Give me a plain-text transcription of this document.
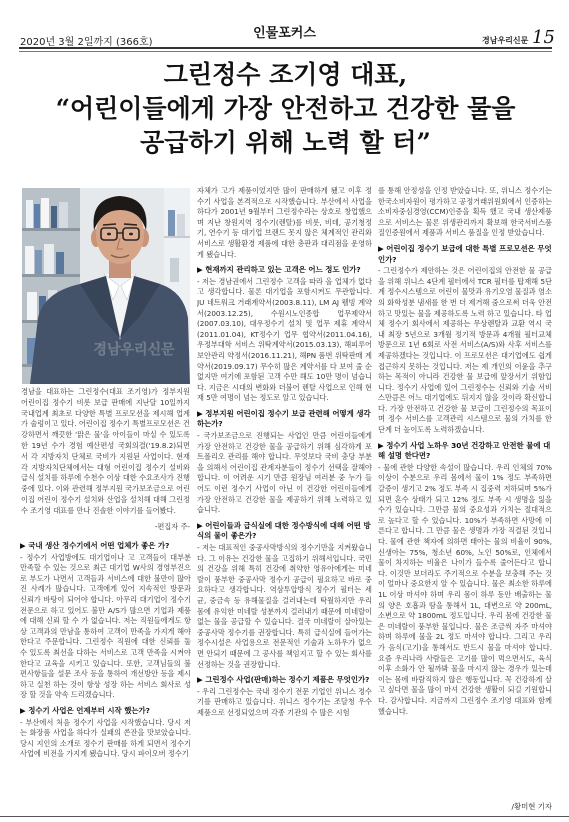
2020년 3월 2일까지 (366호)
인물포커스	경남우리신문 15
그린정수 조기영 대표,
“어린이들에게 가장 안전하고 건강한 물을
공급하기 위해 노력 할 터”
경남우리신문
경남을 대표하는 그린정수(대표 조기영)가 정부지원 어린이집 정수기 비롯 보급 판매에 지난달 10일까지 국내업계 최초로 다양한 특별 프로모션을 제시해 업계가 술렁이고 있다. 어린이집 정수기 특별프로모션은 건강하면서 깨끗한 '맑은 물'을 아이들이 마실 수 있도록 한 19년 수가 경험 예산편성 국회의결('19.8.2)되면서 각 지방자치 단체로 국비가 지원된 사업이다. 현재 각 지방자치단체에서는 대형 어린이집 정수기 설비와 급식 설치를 하루에 수천수 이상 대한 수요조사가 진행중에 있다. 이와 관련해 정부지원 국가보조금으로 어린이집 어린이 정수기 설치와 산업을 설치해 대해 그린정수 조기영 대표를 만나 진솔한 이야기를 들어봤다.
-편집자 주-

▶ 국내 생산 정수기에서 어떤 업체가 좋은 가?

- 정수기 사업방에도 대기업이나 고 고객들이 대부분 만족할 수 있는 것으로 최근 대기업 W사의 경영부진으로 부도가 나면서 고객들과 서비스에 대한 불만이 많아진 사례가 많습니다. 고객에게 있어 지속적인 방문과 신뢰가 바탕이 되어야 합니다. 아무리 대기업이 정수기 전문으로 하고 있어도 불만 A/S가 많으면 기업과 제품에 대해 신뢰 할 수 가 없습니다. 저는 직원들에게도 항상 고객과의 만남을 통하여 고객이 만족을 가지게 해야한다고 주문합니다. 그린정수 직원에 대한 신뢰를 둘 수 있도록 최선을 다하는 서비스로 고객 만족을 시켜야 한다고 교육을 시키고 있습니다. 또한, 고객님들의 불편사항들을 설문 조사 등을 통하여 개선방안 등을 제시하고 실천 하는 것이 항상 성장 하는 서비스 회사로 성장 할 것을 약속 드리겠습니다.

▶ 정수기 사업은 언제부터 시작 했는가?

- 부산에서 처음 정수기 사업을 시작했습니다. 당시 저는 화장품 사업을 하다가 실패의 쓴잔을 맛보았습니다. 당시 지인의 소개로 정수기 판매를 하게 되면서 정수기 사업에 비전을 가지게 됐습니다. 당시 파이오버 정수기

자체가 고가 제품이었지만 많이 판매하게 됐고 이후 정수기 사업을 본격적으로 시작했습니다. 부산에서 사업을 하다가 2001년 9월부터 그린정수라는 상호로 창업했으며 지난 창원지역 정수기(렌탈)를 비롯, 비데, 공기청정기, 연수기 등 대기업 브랜드 못지 않은 체계적인 관리와 서비스로 생활환경 제품에 대한 총판과 대리점을 운영하게 됐습니다.

▶ 현재까지 관리하고 있는 고객은 어느 정도 인가?

- 저는 경남권에서 그린정수 고객을 따라 올 업체가 없다고 생각합니다. 물론 대기업을 포함시켜도 무관합니다. JU 네트워크 거래계약서(2003.8.11), LM AJ 웰빙 계약서(2003.12.25), 수원시노인종합 업무제약서(2007.03.10), 대우정수기 설치 및 업무 제휴 계약서(2011.01.04), KT정수기 업무 협약서(2011.04.16), 우정부대학 서비스 위탁계약서(2015.03.13), 해피루어 보안관리 약정서(2016.11.21), 해PN 품번 위탁판매 계약서(2019.09.17) 무수히 많은 계약서를 다 보여 줄 순 없지만 여기에 포함된 고객 수만 해도 10만 명이 넘습니다. 지금은 시대의 변화와 더불어 렌탈 사업으로 인해 현재 5만 여명이 넘는 정도로 알고 있습니다.

▶ 정부지원 어린이집 정수기 보급 관련해 어떻게 생각하는가?

- 국가보조금으로 진행되는 사업인 만큼 어린이들에게 가장 안전하고 건강한 물을 공급하기 위해 심각하게 포트폴리오 관리를 해야 합니다. 무엇보다 국비 충당 부분을 의해서 어린이집 관계자분들이 정수기 선택을 잘해야 합니다. 이 어려운 시기 만큼 원장님 여러분 중 누가 들어도 이런 정수기 사업이 아닌 이 건강한 어린이들에게 가장 안전하고 건강한 물을 제공하기 위해 노력하고 있습니다.

▶ 어린이들과 급식실에 대한 정수방식에 대해 어떤 방식의 물이 좋은가?

- 저는 대표적인 중공사막방식의 정수기만을 지켜왔습니다. 그 이유는 건강한 물을 고집하기 위해서입니다. 국민의 건강을 위해 특히 건강에 취약한 영유아에게는 미네랄이 풍부한 중공사막 정수기 공급이 필요하고 바로 중요하다고 생각합니다. 역삼투압방식 정수기 필터는 세균, 중금속 등 유해물질을 걸러내는데 탁월하지만 우리 몸에 유익한 미네랄 성분까지 걸러내기 때문에 미네랄이 없는 물을 공급할 수 있습니다. 결국 미네랄이 살아있는 중공사막 정수기를 권장합니다. 특히 급식실에 들어가는 정수시설은 사업용으로 전문적인 기술과 노하우가 없으면 안되기 때문에 그 공사를 책임지고 할 수 있는 회사를 선정하는 것을 권장합니다.

▶ 그린정수 사업(판매)하는 정수기 제품은 무엇인가?

- 우리 그린정수는 국내 정수기 전문 기업인 위니스 정수기를 판매하고 있습니다. 위니스 정수기는 조달청 우수제품으로 선정되었으며 각종 기관의 수 많은 시험

를 통해 안정성을 인정 받았습니다. 또, 위니스 정수기는 한국소비자원이 평가하고 공정거래위원회에서 인증하는 소비자중심경영(CCM)인증을 획득 했고 국내 생산제품으로 서비스는 물론 위생관리까지 확보해 한국서비스품질인증원에서 제품과 서비스 품질을 인정 받았습니다.

▶ 어린이집 정수기 보급에 대한 특별 프로모션은 무엇인가?

- 그린정수가 제안하는 것은 어린이집의 안전한 물 공급을 위해 위니스 4단계 필터에서 TCR 필터를 탑재해 5단계 정수시스템으로 어린이 물맛과 유기오염 물질과 염소의 화학성분 냄새를 한 번 더 제거해 줌으로써 더욱 안전하고 맛있는 물을 제공하도록 노력 하고 있습니다. 타 업체 정수기 회사에서 제공하는 무상렌탈과 교환 역시 국내 최장 5년으로 3개월 정기적 방문과 4개월 필터교체 방문으로 1년 6회로 사전 서비스(A/S)와 사후 서비스를 제공하겠다는 것입니다. 이 프로모션은 대기업에도 쉽게 접근하지 못하는 것입니다. 저는 제 개인의 이윤을 추구하는 목적이 아니라 건강한 물 보급에 앞장서기 위함입니다. 정수기 사업에 있어 그린정수는 신뢰와 기술 서비스만큼은 어느 대기업에도 뒤지지 않을 것이라 확신합니다. 가장 안전하고 건강한 물 보급이 그린정수의 목표이며 정수 서비스를 고객관리 시스템으로 물의 가치를 한 단계 더 높이도록 노력하겠습니다.

▶ 정수기 사업 노하우 30년 건강하고 안전한 물에 대해 설명 한다면?

- 물에 관한 다양한 속설이 많습니다. 우리 인체의 70% 이상이 수분으로 우리 몸에서 물이 1% 정도 부족하면 갈증이 생기고 2% 정도 부족 시 집중력 저하되며 5%가 되면 혼수 상태가 되고 12% 정도 부족 시 생명을 잃을 수가 있습니다. 그만큼 물의 중요성과 가치는 절대적으로 높다고 할 수 있습니다. 10%가 부족하면 사망에 이른다고 합니다. 그 만큼 물은 생명과 가장 직결된 것입니다. 물에 관한 책자에 의하면 태아는 물의 비율이 90%, 신생아는 75%, 청소년 60%, 노인 50%로, 인체에서 물이 차지하는 비율은 나이가 들수록 줄어든다고 합니다. 이것만 보더라도 주기적으로 수분을 보충해 주는 것이 얼마나 중요한지 알 수 있습니다. 물은 최소한 하루에 1L 이상 마셔야 하며 우리 몸이 하루 동안 배출하는 물의 양은 호흡과 땀을 통해서 1L, 대변으로 약 200mL, 소변으로 약 1800mL 정도입니다. 우리 몸에 건강한 물은 미네랄이 풍부한 물입니다. 물은 조금씩 자주 마셔야 하며 하루에 물을 2L 정도 마셔야 합니다. 그리고 우리가 음식(고기)을 통해서도 반드시 물을 마셔야 합니다. 요즘 우리나라 사람들은 고기를 많이 먹으면서도, 육식 이후 소화가 안 될까봐 물을 마시지 않는 경우가 있는데 이는 몸에 바람직하지 않은 행동입니다. 꼭 건강하게 살고 싶다면 물을 많이 마셔 건강한 생활이 되길 기원합니다. 감사합니다. 지금까지 그린정수 조기영 대표와 함께 했습니다.

/황미현 기자
